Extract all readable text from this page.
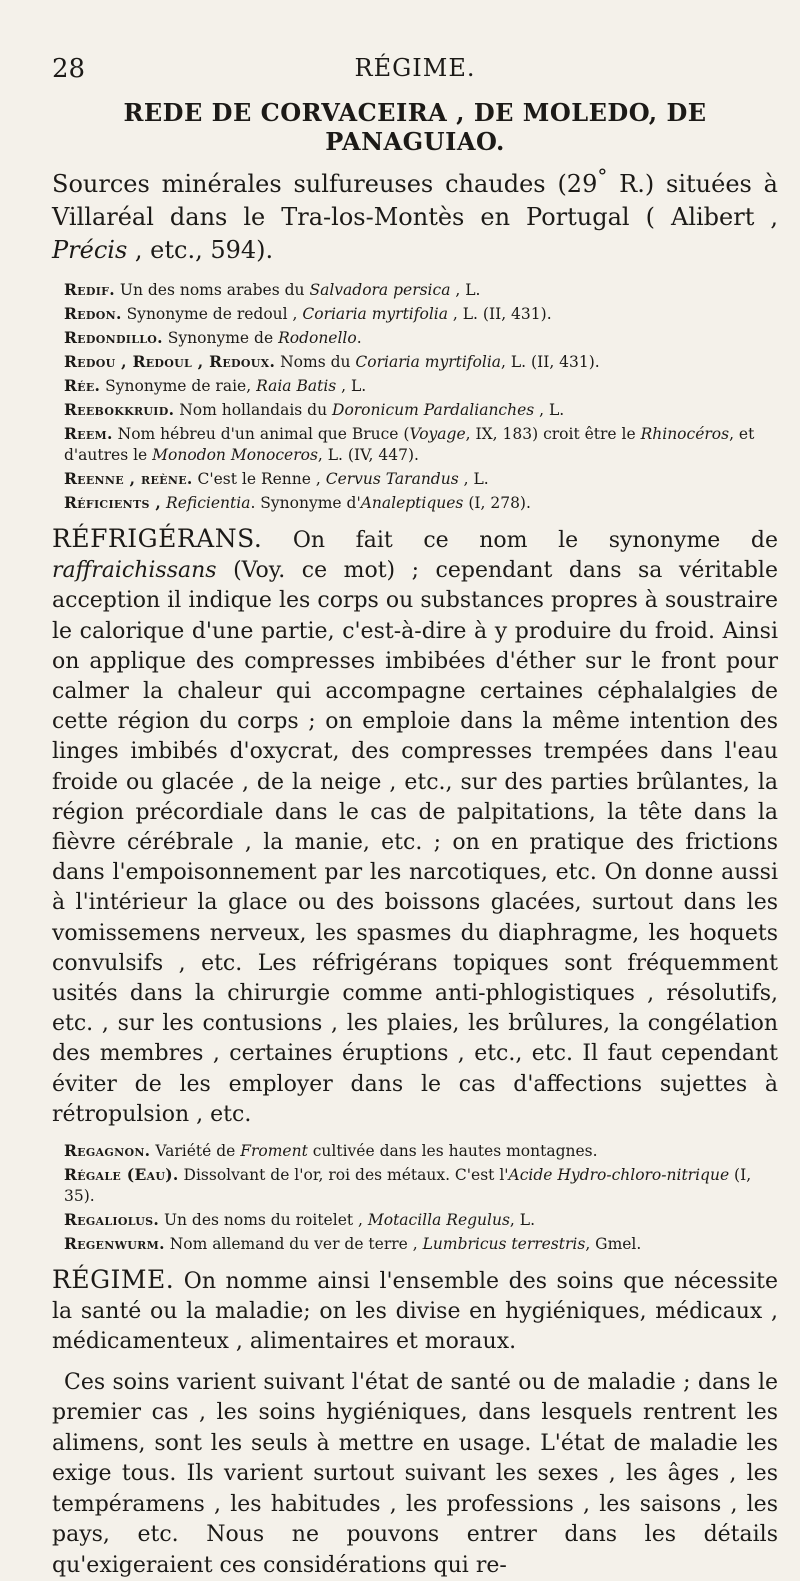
28	RÉGIME.
REDE DE CORVACEIRA , DE MOLEDO, DE PANAGUIAO.

Sources minérales sulfureuses chaudes (29° R.) situées à Villaréal dans le Tra-los-Montès en Portugal ( Alibert , Précis , etc., 594).

Redif. Un des noms arabes du Salvadora persica , L.

Redon. Synonyme de redoul , Coriaria myrtifolia , L. (II, 431).

Redondillo. Synonyme de Rodonello.

Redou , Redoul , Redoux. Noms du Coriaria myrtifolia, L. (II, 431).

Rée. Synonyme de raie, Raia Batis , L.

Reebokkruid. Nom hollandais du Doronicum Pardalianches , L.

Reem. Nom hébreu d'un animal que Bruce (Voyage, IX, 183) croit être le Rhinocéros, et d'autres le Monodon Monoceros, L. (IV, 447).

Reenne , reène. C'est le Renne , Cervus Tarandus , L.

Réficients , Reficientia. Synonyme d'Analeptiques (I, 278).

RÉFRIGÉRANS. On fait ce nom le synonyme de raffraichissans (Voy. ce mot) ; cependant dans sa véritable acception il indique les corps ou substances propres à soustraire le calorique d'une partie, c'est-à-dire à y produire du froid. Ainsi on applique des compresses imbibées d'éther sur le front pour calmer la chaleur qui accompagne certaines céphalalgies de cette région du corps ; on emploie dans la même intention des linges imbibés d'oxycrat, des compresses trempées dans l'eau froide ou glacée , de la neige , etc., sur des parties brûlantes, la région précordiale dans le cas de palpitations, la tête dans la fièvre cérébrale , la manie, etc. ; on en pratique des frictions dans l'empoisonnement par les narcotiques, etc. On donne aussi à l'intérieur la glace ou des boissons glacées, surtout dans les vomissemens nerveux, les spasmes du diaphragme, les hoquets convulsifs , etc. Les réfrigérans topiques sont fréquemment usités dans la chirurgie comme anti-phlogistiques , résolutifs, etc. , sur les contusions , les plaies, les brûlures, la congélation des membres , certaines éruptions , etc., etc. Il faut cependant éviter de les employer dans le cas d'affections sujettes à rétropulsion , etc.

Regagnon. Variété de Froment cultivée dans les hautes montagnes.

Régale (Eau). Dissolvant de l'or, roi des métaux. C'est l'Acide Hydro-chloro-nitrique (I, 35).

Regaliolus. Un des noms du roitelet , Motacilla Regulus, L.

Regenwurm. Nom allemand du ver de terre , Lumbricus terrestris, Gmel.

RÉGIME. On nomme ainsi l'ensemble des soins que nécessite la santé ou la maladie; on les divise en hygiéniques, médicaux , médicamenteux , alimentaires et moraux.

Ces soins varient suivant l'état de santé ou de maladie ; dans le premier cas , les soins hygiéniques, dans lesquels rentrent les alimens, sont les seuls à mettre en usage. L'état de maladie les exige tous. Ils varient surtout suivant les sexes , les âges , les tempéramens , les habitudes , les professions , les saisons , les pays, etc. Nous ne pouvons entrer dans les détails qu'exigeraient ces considérations qui re-
